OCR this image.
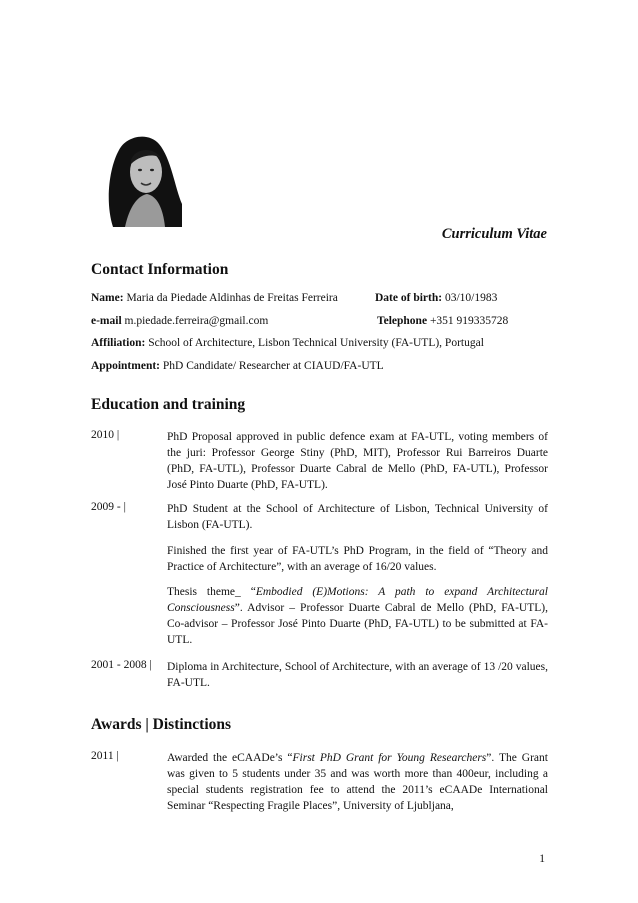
Curriculum Vitae
Contact Information
Name: Maria da Piedade Aldinhas de Freitas Ferreira	Date of birth: 03/10/1983
e-mail m.piedade.ferreira@gmail.com	Telephone +351 919335728
Affiliation: School of Architecture, Lisbon Technical University (FA-UTL), Portugal
Appointment: PhD Candidate/ Researcher at CIAUD/FA-UTL
Education and training
2010 |	PhD Proposal approved in public defence exam at FA-UTL, voting members of the juri: Professor George Stiny (PhD, MIT), Professor Rui Barreiros Duarte (PhD, FA-UTL), Professor Duarte Cabral de Mello (PhD, FA-UTL), Professor José Pinto Duarte (PhD, FA-UTL).

2009 - |	PhD Student at the School of Architecture of Lisbon, Technical University of Lisbon (FA-UTL).

Finished the first year of FA-UTL’s PhD Program, in the field of “Theory and Practice of Architecture”, with an average of 16/20 values.

Thesis theme_ “Embodied (E)Motions: A path to expand Architectural Consciousness”. Advisor – Professor Duarte Cabral de Mello (PhD, FA-UTL), Co-advisor – Professor José Pinto Duarte (PhD, FA-UTL) to be submitted at FA-UTL.

2001 - 2008 | Diploma in Architecture, School of Architecture, with an average of 13 /20 values, FA-UTL.

Awards | Distinctions
2011 |	Awarded the eCAADe’s “First PhD Grant for Young Researchers”. The Grant was given to 5 students under 35 and was worth more than 400eur, including a special students registration fee to attend the 2011’s eCAADe International Seminar “Respecting Fragile Places”, University of Ljubljana,

1
